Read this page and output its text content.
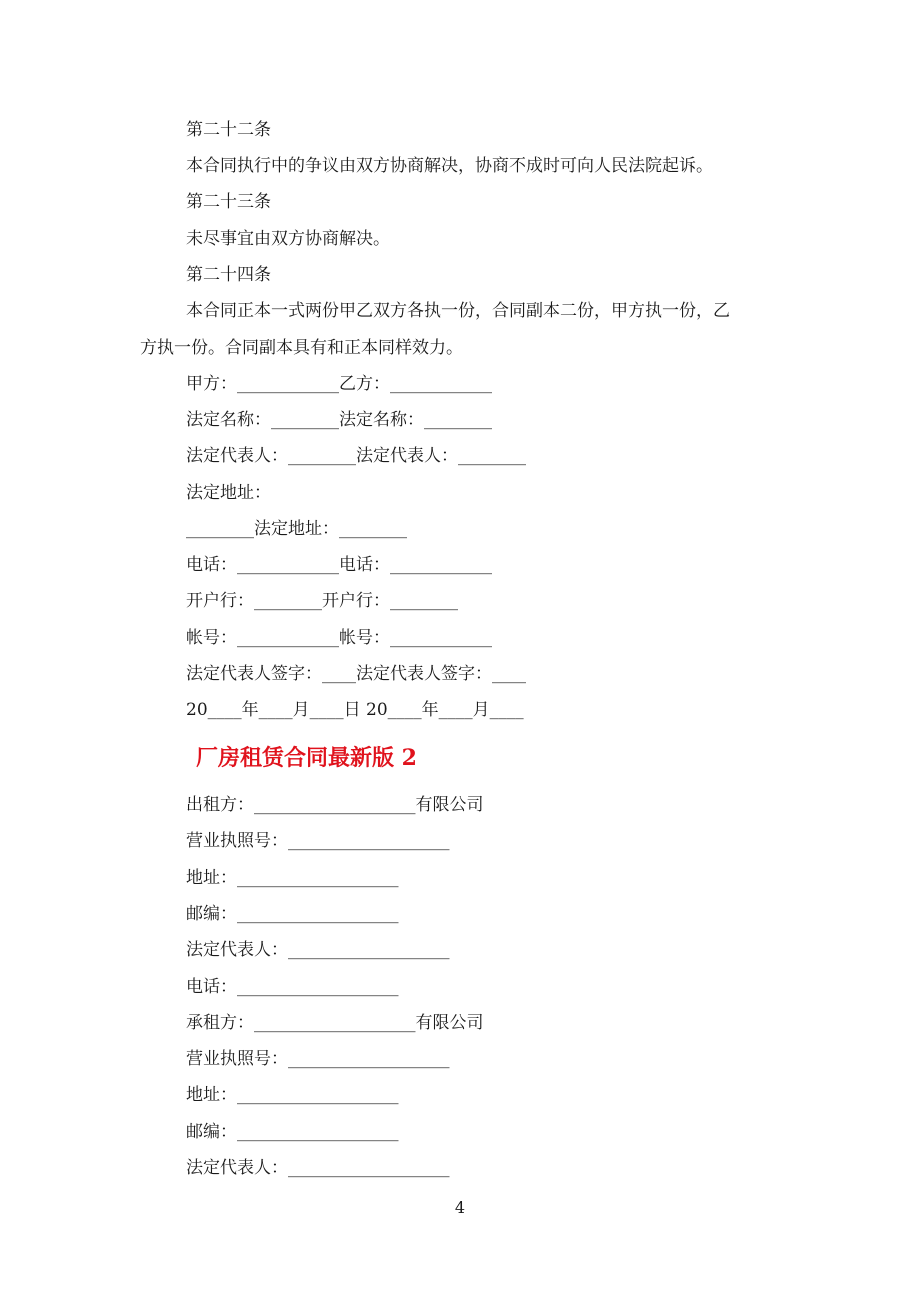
第二十二条
本合同执行中的争议由双方协商解决，协商不成时可向人民法院起诉。
第二十三条
未尽事宜由双方协商解决。
第二十四条
本合同正本一式两份甲乙双方各执一份，合同副本二份，甲方执一份，乙
方执一份。合同副本具有和正本同样效力。
甲方：____________乙方：____________
法定名称：________法定名称：________
法定代表人：________法定代表人：________
法定地址：
________法定地址：________
电话：____________电话：____________
开户行：________开户行：________
帐号：____________帐号：____________
法定代表人签字：____法定代表人签字：____
20____年____月____日 20____年____月____
厂房租赁合同最新版 2
出租方：___________________有限公司
营业执照号：___________________
地址：___________________
邮编：___________________
法定代表人：___________________
电话：___________________
承租方：___________________有限公司
营业执照号：___________________
地址：___________________
邮编：___________________
法定代表人：___________________
4
